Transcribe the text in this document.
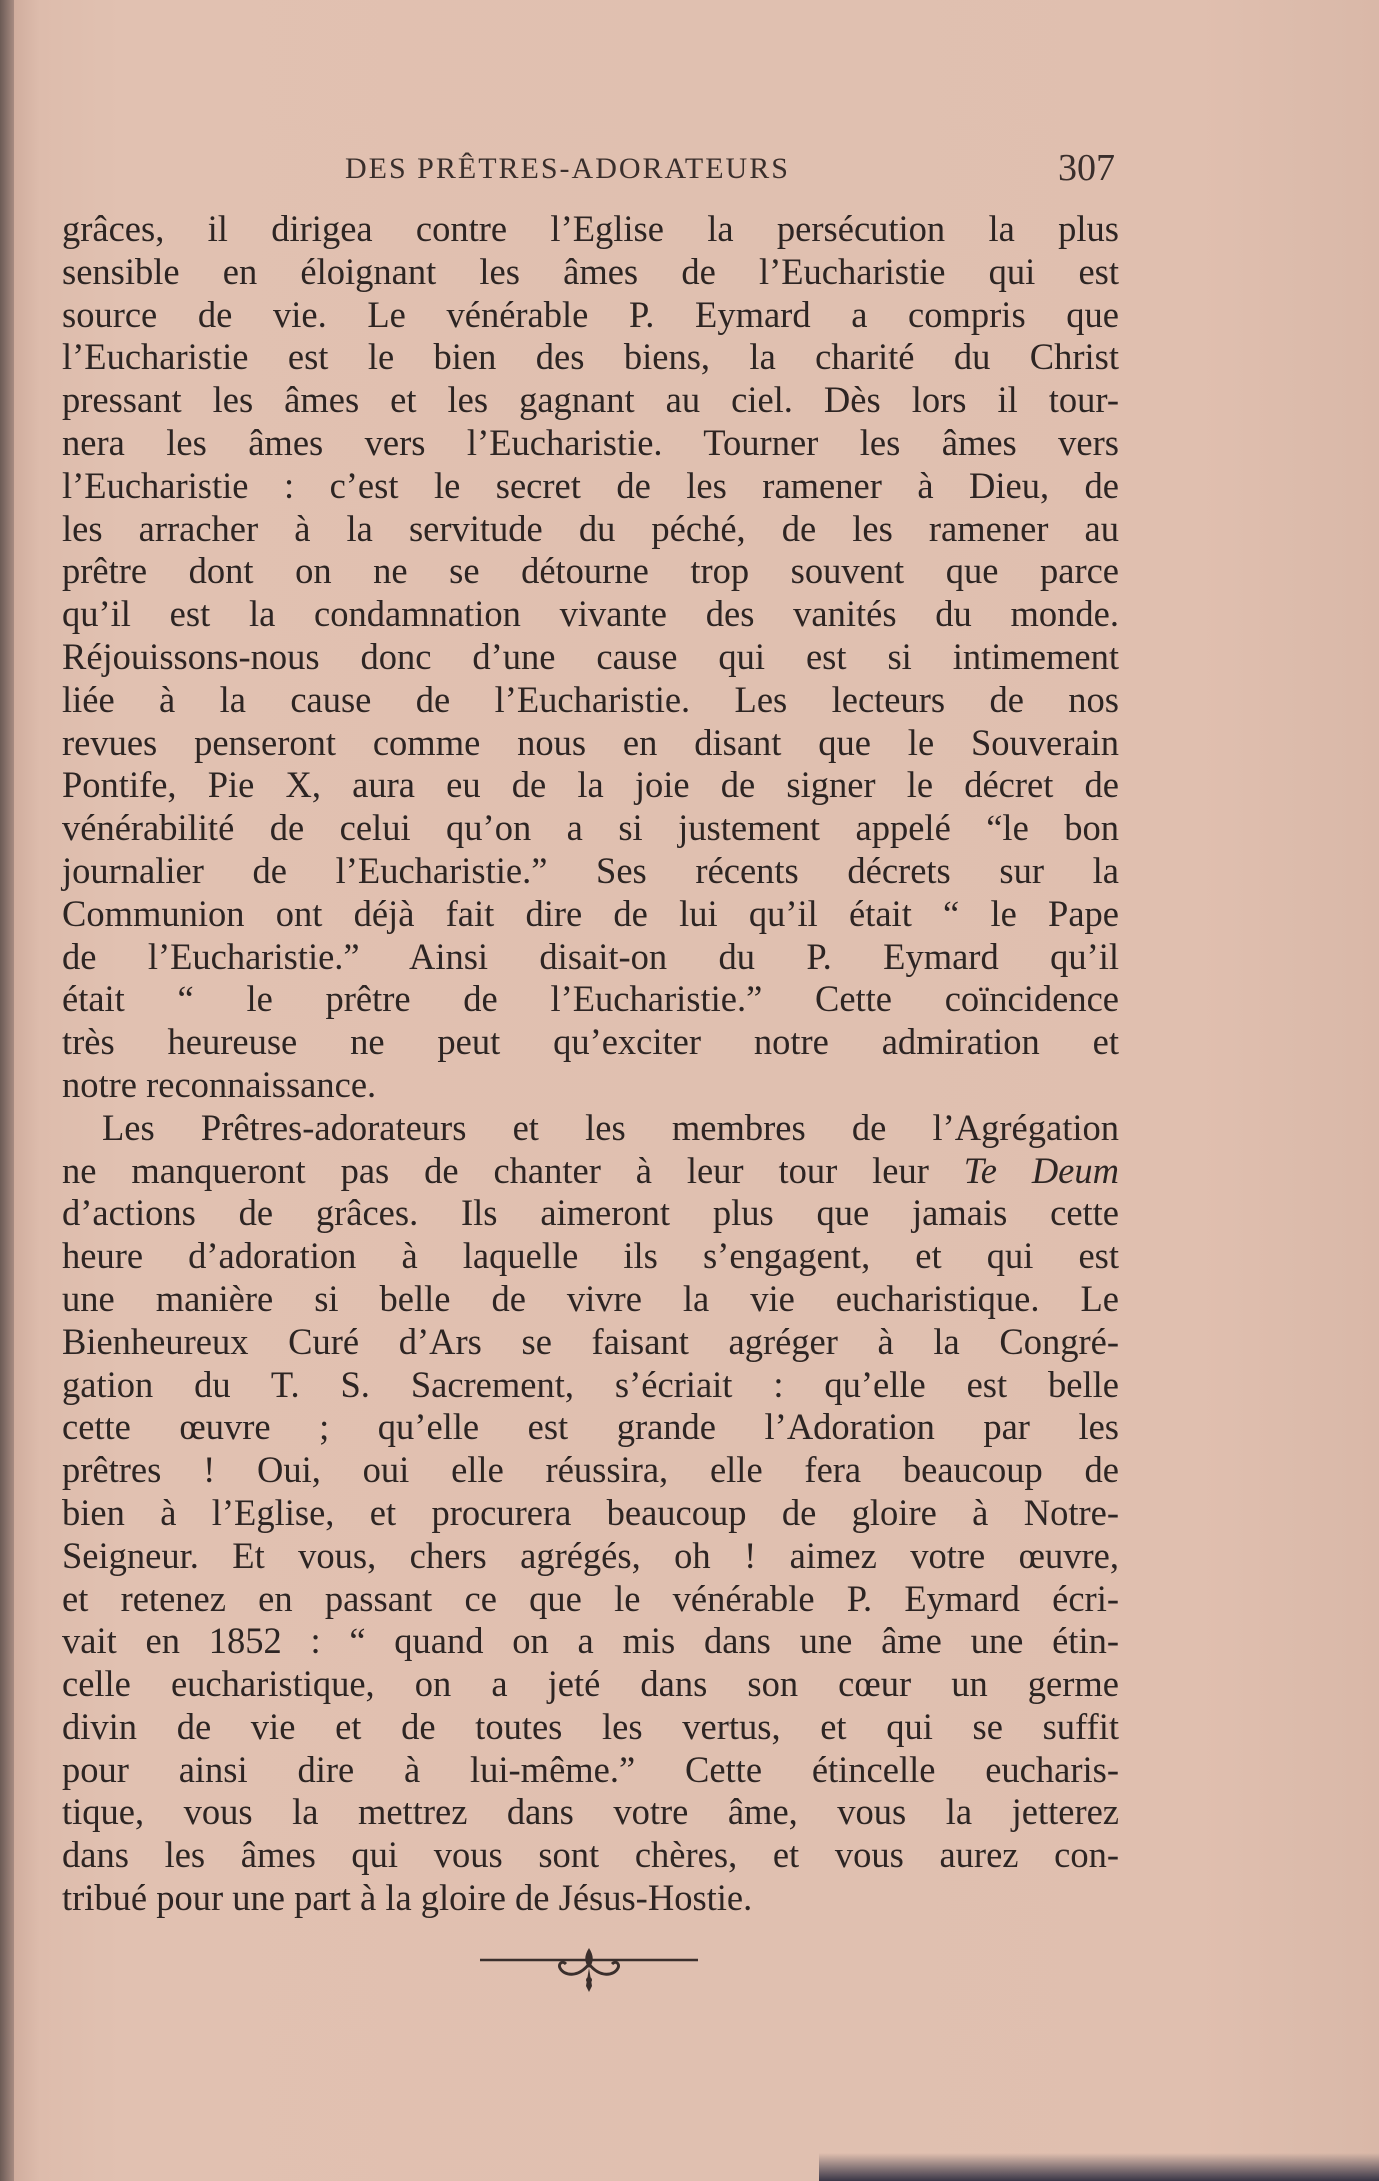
DES PRÊTRES-ADORATEURS	307
grâces, il dirigea contre l’Eglise la persécution la plus
sensible en éloignant les âmes de l’Eucharistie qui est
source de vie. Le vénérable P. Eymard a compris que
l’Eucharistie est le bien des biens, la charité du Christ
pressant les âmes et les gagnant au ciel. Dès lors il tour-
nera les âmes vers l’Eucharistie. Tourner les âmes vers
l’Eucharistie : c’est le secret de les ramener à Dieu, de
les arracher à la servitude du péché, de les ramener au
prêtre dont on ne se détourne trop souvent que parce
qu’il est la condamnation vivante des vanités du monde.
Réjouissons-nous donc d’une cause qui est si intimement
liée à la cause de l’Eucharistie. Les lecteurs de nos
revues penseront comme nous en disant que le Souverain
Pontife, Pie X, aura eu de la joie de signer le décret de
vénérabilité de celui qu’on a si justement appelé “le bon
journalier de l’Eucharistie.” Ses récents décrets sur la
Communion ont déjà fait dire de lui qu’il était “ le Pape
de l’Eucharistie.” Ainsi disait-on du P. Eymard qu’il
était “ le prêtre de l’Eucharistie.” Cette coïncidence
très heureuse ne peut qu’exciter notre admiration et
notre reconnaissance.
Les Prêtres-adorateurs et les membres de l’Agrégation
ne manqueront pas de chanter à leur tour leur Te Deum
d’actions de grâces. Ils aimeront plus que jamais cette
heure d’adoration à laquelle ils s’engagent, et qui est
une manière si belle de vivre la vie eucharistique. Le
Bienheureux Curé d’Ars se faisant agréger à la Congré-
gation du T. S. Sacrement, s’écriait : qu’elle est belle
cette œuvre ; qu’elle est grande l’Adoration par les
prêtres ! Oui, oui elle réussira, elle fera beaucoup de
bien à l’Eglise, et procurera beaucoup de gloire à Notre-
Seigneur. Et vous, chers agrégés, oh ! aimez votre œuvre,
et retenez en passant ce que le vénérable P. Eymard écri-
vait en 1852 : “ quand on a mis dans une âme une étin-
celle eucharistique, on a jeté dans son cœur un germe
divin de vie et de toutes les vertus, et qui se suffit
pour ainsi dire à lui-même.” Cette étincelle eucharis-
tique, vous la mettrez dans votre âme, vous la jetterez
dans les âmes qui vous sont chères, et vous aurez con-
tribué pour une part à la gloire de Jésus-Hostie.
